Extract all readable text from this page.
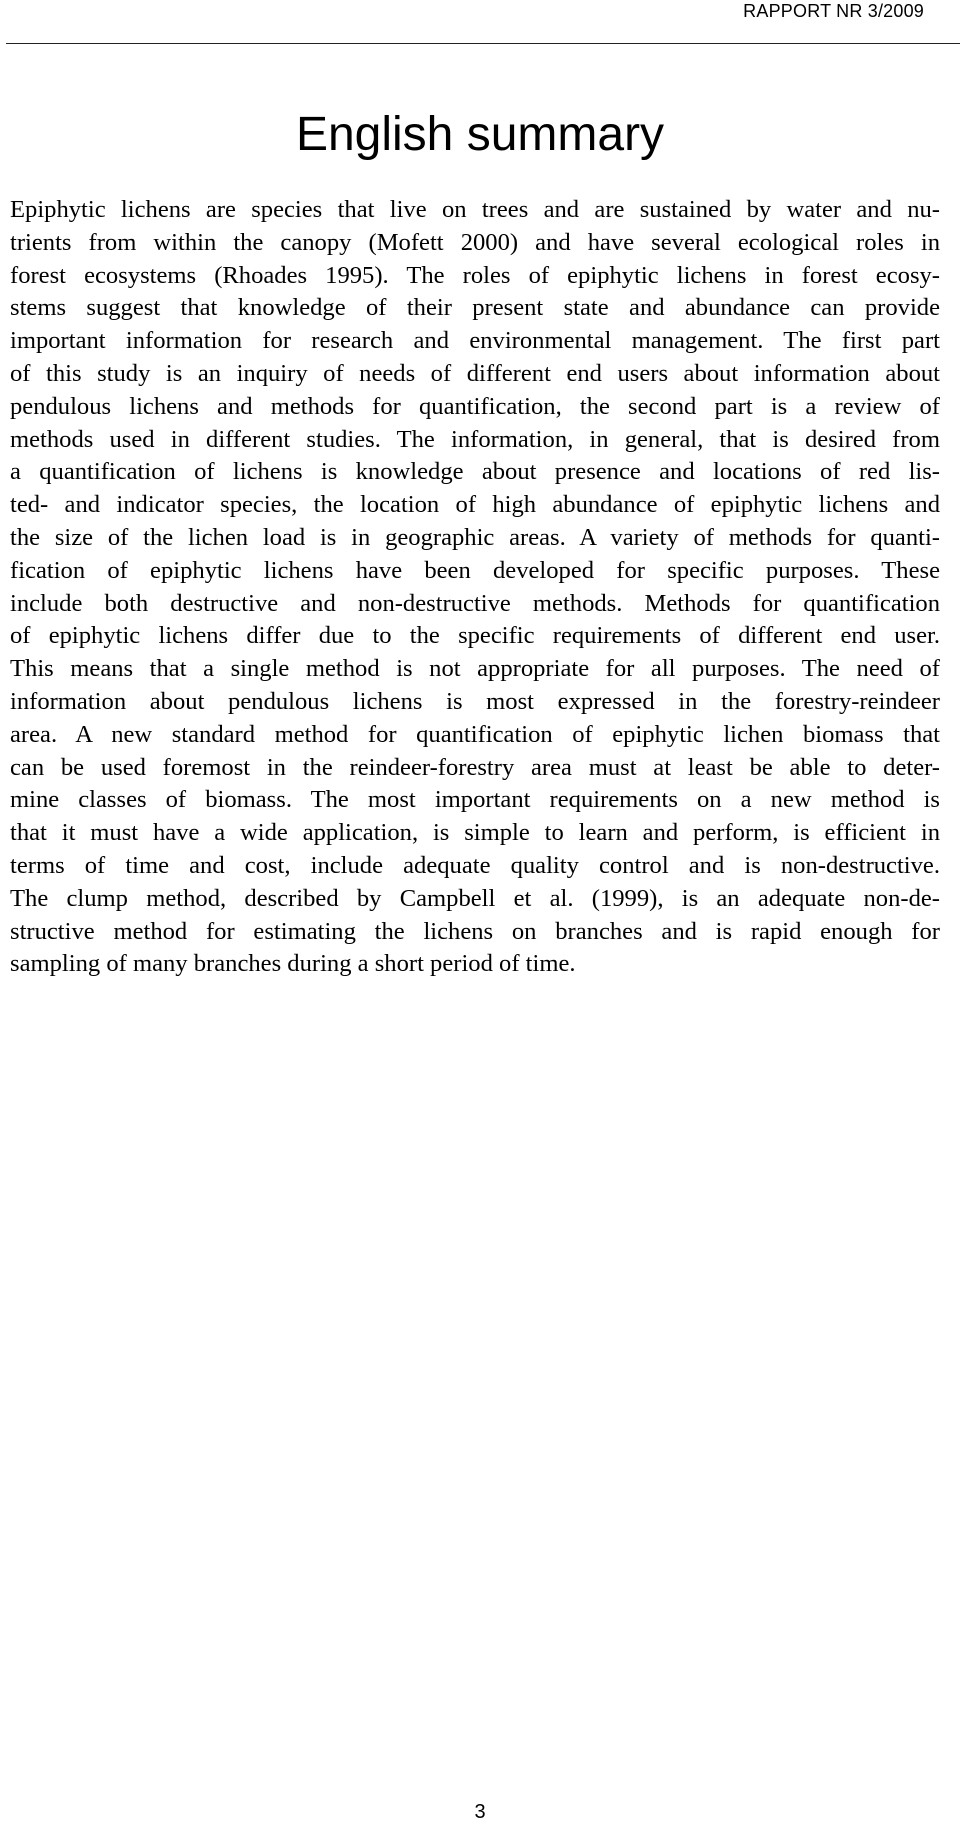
RAPPORT NR 3/2009
English summary
Epiphytic lichens are species that live on trees and are sustained by water and nu-
trients from within the canopy (Mofett 2000) and have several ecological roles in
forest ecosystems (Rhoades 1995). The roles of epiphytic lichens in forest ecosy-
stems suggest that knowledge of their present state and abundance can provide
important information for research and environmental management. The first part
of this study is an inquiry of needs of different end users about information about
pendulous lichens and methods for quantification, the second part is a review of
methods used in different studies. The information, in general, that is desired from
a quantification of lichens is knowledge about presence and locations of red lis-
ted- and indicator species, the location of high abundance of epiphytic lichens and
the size of the lichen load is in geographic areas. A variety of methods for quanti-
fication of epiphytic lichens have been developed for specific purposes. These
include both destructive and non-destructive methods. Methods for quantification
of epiphytic lichens differ due to the specific requirements of different end user.
This means that a single method is not appropriate for all purposes. The need of
information about pendulous lichens is most expressed in the forestry-reindeer
area. A new standard method for quantification of epiphytic lichen biomass that
can be used foremost in the reindeer-forestry area must at least be able to deter-
mine classes of biomass. The most important requirements on a new method is
that it must have a wide application, is simple to learn and perform, is efficient in
terms of time and cost, include adequate quality control and is non-destructive.
The clump method, described by Campbell et al. (1999), is an adequate non-de-
structive method for estimating the lichens on branches and is rapid enough for
sampling of many branches during a short period of time.
3
